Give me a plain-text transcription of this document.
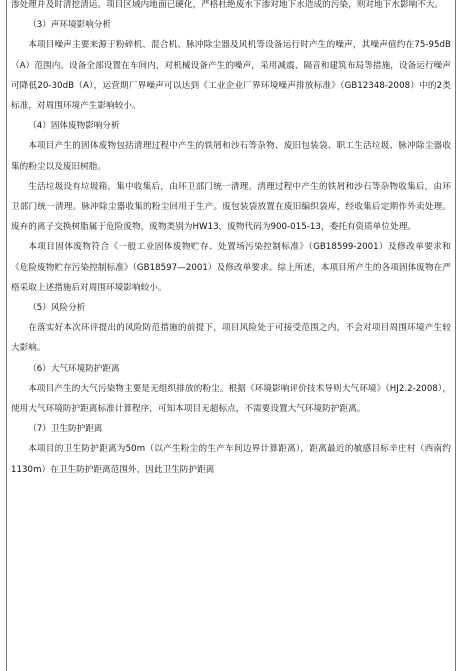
渗处理并及时清挖清运。项目区域内地面已硬化，严格杜绝废水下渗对地下水造成的污染，则对地下水影响不大。

（3）声环境影响分析

本项目噪声主要来源于粉碎机、混合机、脉冲除尘器及风机等设备运行时产生的噪声，其噪声值约在75-95dB（A）范围内。设备全部设置在车间内，对机械设备产生的噪声，采用减震、隔音和建筑布局等措施，设备运行噪声可降低20-30dB（A），运营期厂界噪声可以达到《工业企业厂界环境噪声排放标准》（GB12348-2008）中的2类标准，对周围环境产生影响较小。

（4）固体废物影响分析

本项目产生的固体废物包括清理过程中产生的铁屑和沙石等杂物、废旧包装袋、职工生活垃圾、脉冲除尘器收集的粉尘以及废旧树脂。

生活垃圾设有垃圾箱，集中收集后，由环卫部门统一清理。清理过程中产生的铁屑和沙石等杂物收集后，由环卫部门统一清理。脉冲除尘器收集的粉尘回用于生产。废包装袋放置在废旧编织袋库，经收集后定期作外卖处理。废弃的离子交换树脂属于危险废物，废物类别为HW13，废物代码为900-015-13，委托有资质单位处理。

本项目固体废物符合《一般工业固体废物贮存、处置场污染控制标准》（GB18599-2001）及修改单要求和《危险废物贮存污染控制标准》（GB18597—2001）及修改单要求。综上所述，本项目所产生的各项固体废物在严格采取上述措施后对周围环境影响较小。

（5）风险分析

在落实好本次环评提出的风险防范措施的前提下，项目风险处于可接受范围之内，不会对项目周围环境产生较大影响。

（6）大气环境防护距离

本项目产生的大气污染物主要是无组织排放的粉尘。根据《环境影响评价技术导则大气环境》（HJ2.2-2008），使用大气环境防护距离标准计算程序，可知本项目无超标点，不需要设置大气环境防护距离。

（7）卫生防护距离

本项目的卫生防护距离为50m（以产生粉尘的生产车间边界计算距离），距离最近的敏感目标辛庄村（西南约1130m）在卫生防护距离范围外，因此卫生防护距离
